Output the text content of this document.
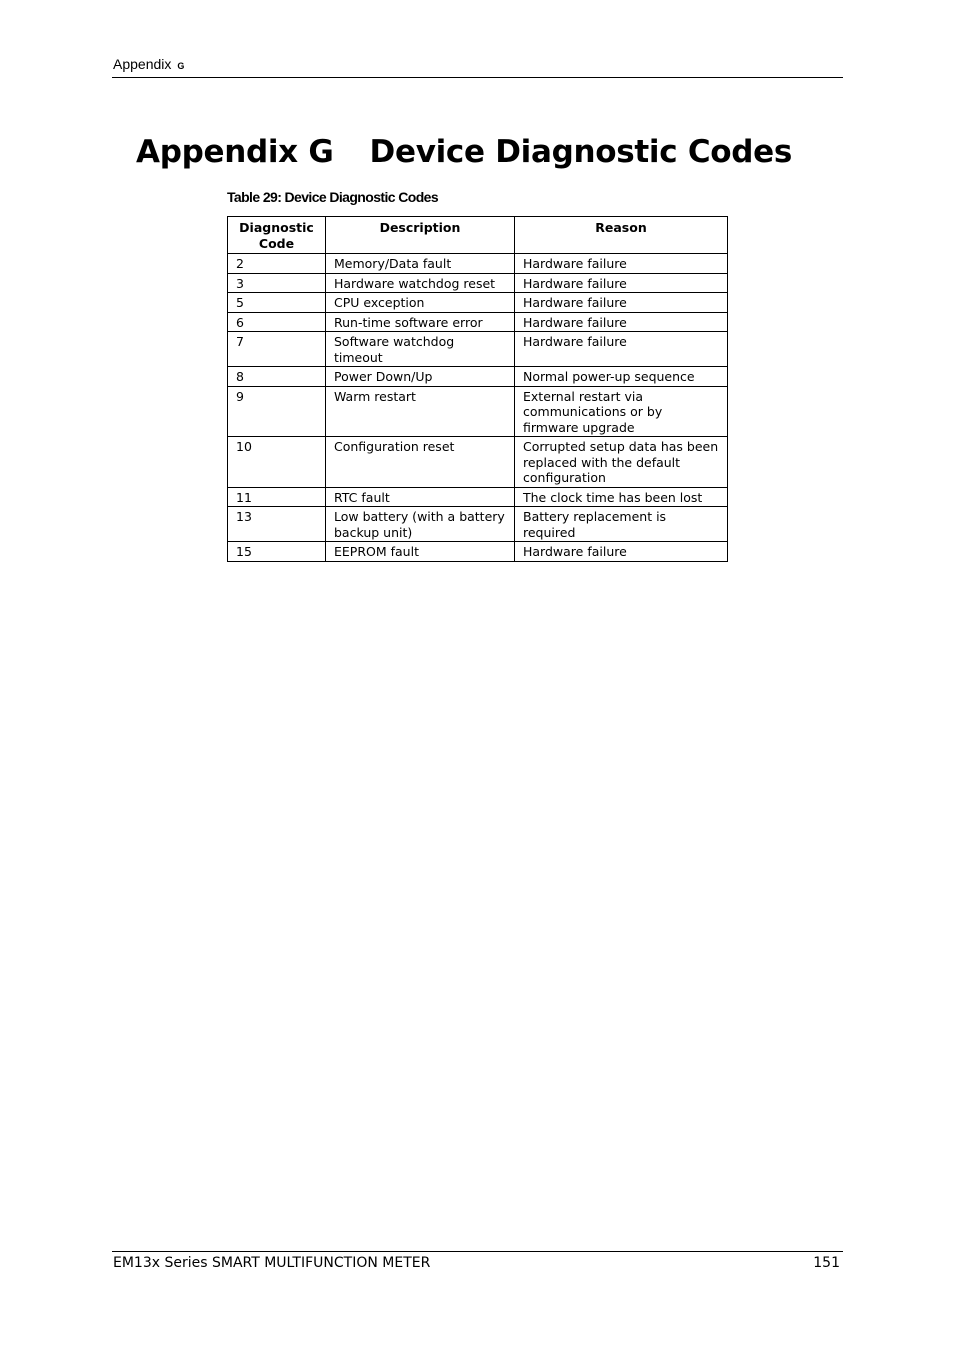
Appendix G
Appendix G Device Diagnostic Codes
Table 29: Device Diagnostic Codes
Diagnostic Code	Description	Reason
2	Memory/Data fault	Hardware failure
3	Hardware watchdog reset	Hardware failure
5	CPU exception	Hardware failure
6	Run-time software error	Hardware failure
7	Software watchdog timeout	Hardware failure
8	Power Down/Up	Normal power-up sequence
9	Warm restart	External restart via communications or by firmware upgrade
10	Configuration reset	Corrupted setup data has been replaced with the default configuration
11	RTC fault	The clock time has been lost
13	Low battery (with a battery backup unit)	Battery replacement is required
15	EEPROM fault	Hardware failure
EM13x Series SMART MULTIFUNCTION METER	151
